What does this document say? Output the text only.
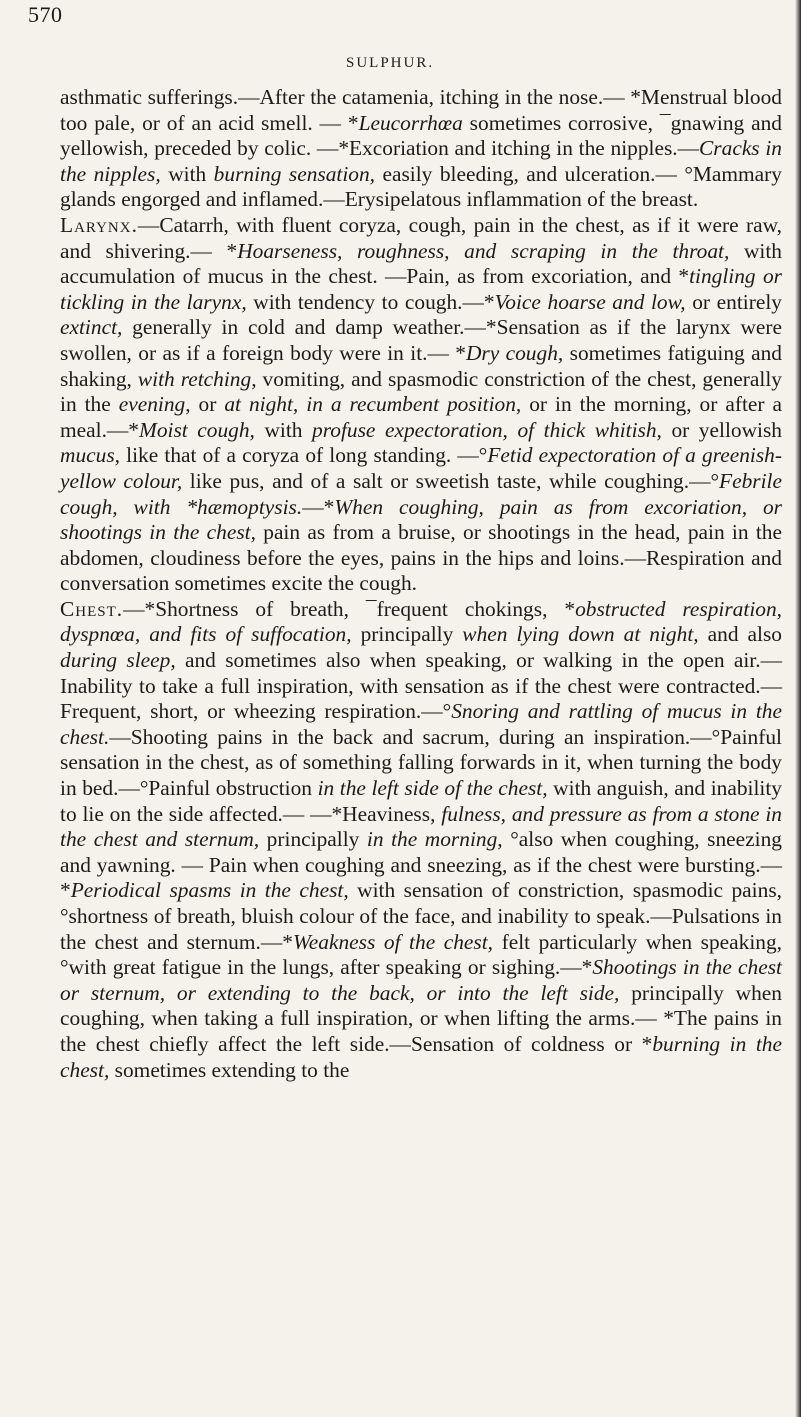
570
SULPHUR.

asthmatic sufferings.—After the catamenia, itching in the nose.— *Menstrual blood too pale, or of an acid smell. — *Leucorrhœa sometimes corrosive, ¯gnawing and yellowish, preceded by colic. —*Excoriation and itching in the nipples.—Cracks in the nipples, with burning sensation, easily bleeding, and ulceration.— °Mammary glands engorged and inflamed.—Erysipelatous inflammation of the breast.

Larynx.—Catarrh, with fluent coryza, cough, pain in the chest, as if it were raw, and shivering.— *Hoarseness, roughness, and scraping in the throat, with accumulation of mucus in the chest. —Pain, as from excoriation, and *tingling or tickling in the larynx, with tendency to cough.—*Voice hoarse and low, or entirely extinct, generally in cold and damp weather.—*Sensation as if the larynx were swollen, or as if a foreign body were in it.— *Dry cough, sometimes fatiguing and shaking, with retching, vomiting, and spasmodic constriction of the chest, generally in the evening, or at night, in a recumbent position, or in the morning, or after a meal.—*Moist cough, with profuse expectoration, of thick whitish, or yellowish mucus, like that of a coryza of long standing. —°Fetid expectoration of a greenish-yellow colour, like pus, and of a salt or sweetish taste, while coughing.—°Febrile cough, with *hæmoptysis.—*When coughing, pain as from excoriation, or shootings in the chest, pain as from a bruise, or shootings in the head, pain in the abdomen, cloudiness before the eyes, pains in the hips and loins.—Respiration and conversation sometimes excite the cough.

Chest.—*Shortness of breath, ¯frequent chokings, *obstructed respiration, dyspnœa, and fits of suffocation, principally when lying down at night, and also during sleep, and sometimes also when speaking, or walking in the open air.—Inability to take a full inspiration, with sensation as if the chest were contracted.—Frequent, short, or wheezing respiration.—°Snoring and rattling of mucus in the chest.—Shooting pains in the back and sacrum, during an inspiration.—°Painful sensation in the chest, as of something falling forwards in it, when turning the body in bed.—°Painful obstruction in the left side of the chest, with anguish, and inability to lie on the side affected.— —*Heaviness, fulness, and pressure as from a stone in the chest and sternum, principally in the morning, °also when coughing, sneezing and yawning. — Pain when coughing and sneezing, as if the chest were bursting.—*Periodical spasms in the chest, with sensation of constriction, spasmodic pains, °shortness of breath, bluish colour of the face, and inability to speak.—Pulsations in the chest and sternum.—*Weakness of the chest, felt particularly when speaking, °with great fatigue in the lungs, after speaking or sighing.—*Shootings in the chest or sternum, or extending to the back, or into the left side, principally when coughing, when taking a full inspiration, or when lifting the arms.— *The pains in the chest chiefly affect the left side.—Sensation of coldness or *burning in the chest, sometimes extending to the
